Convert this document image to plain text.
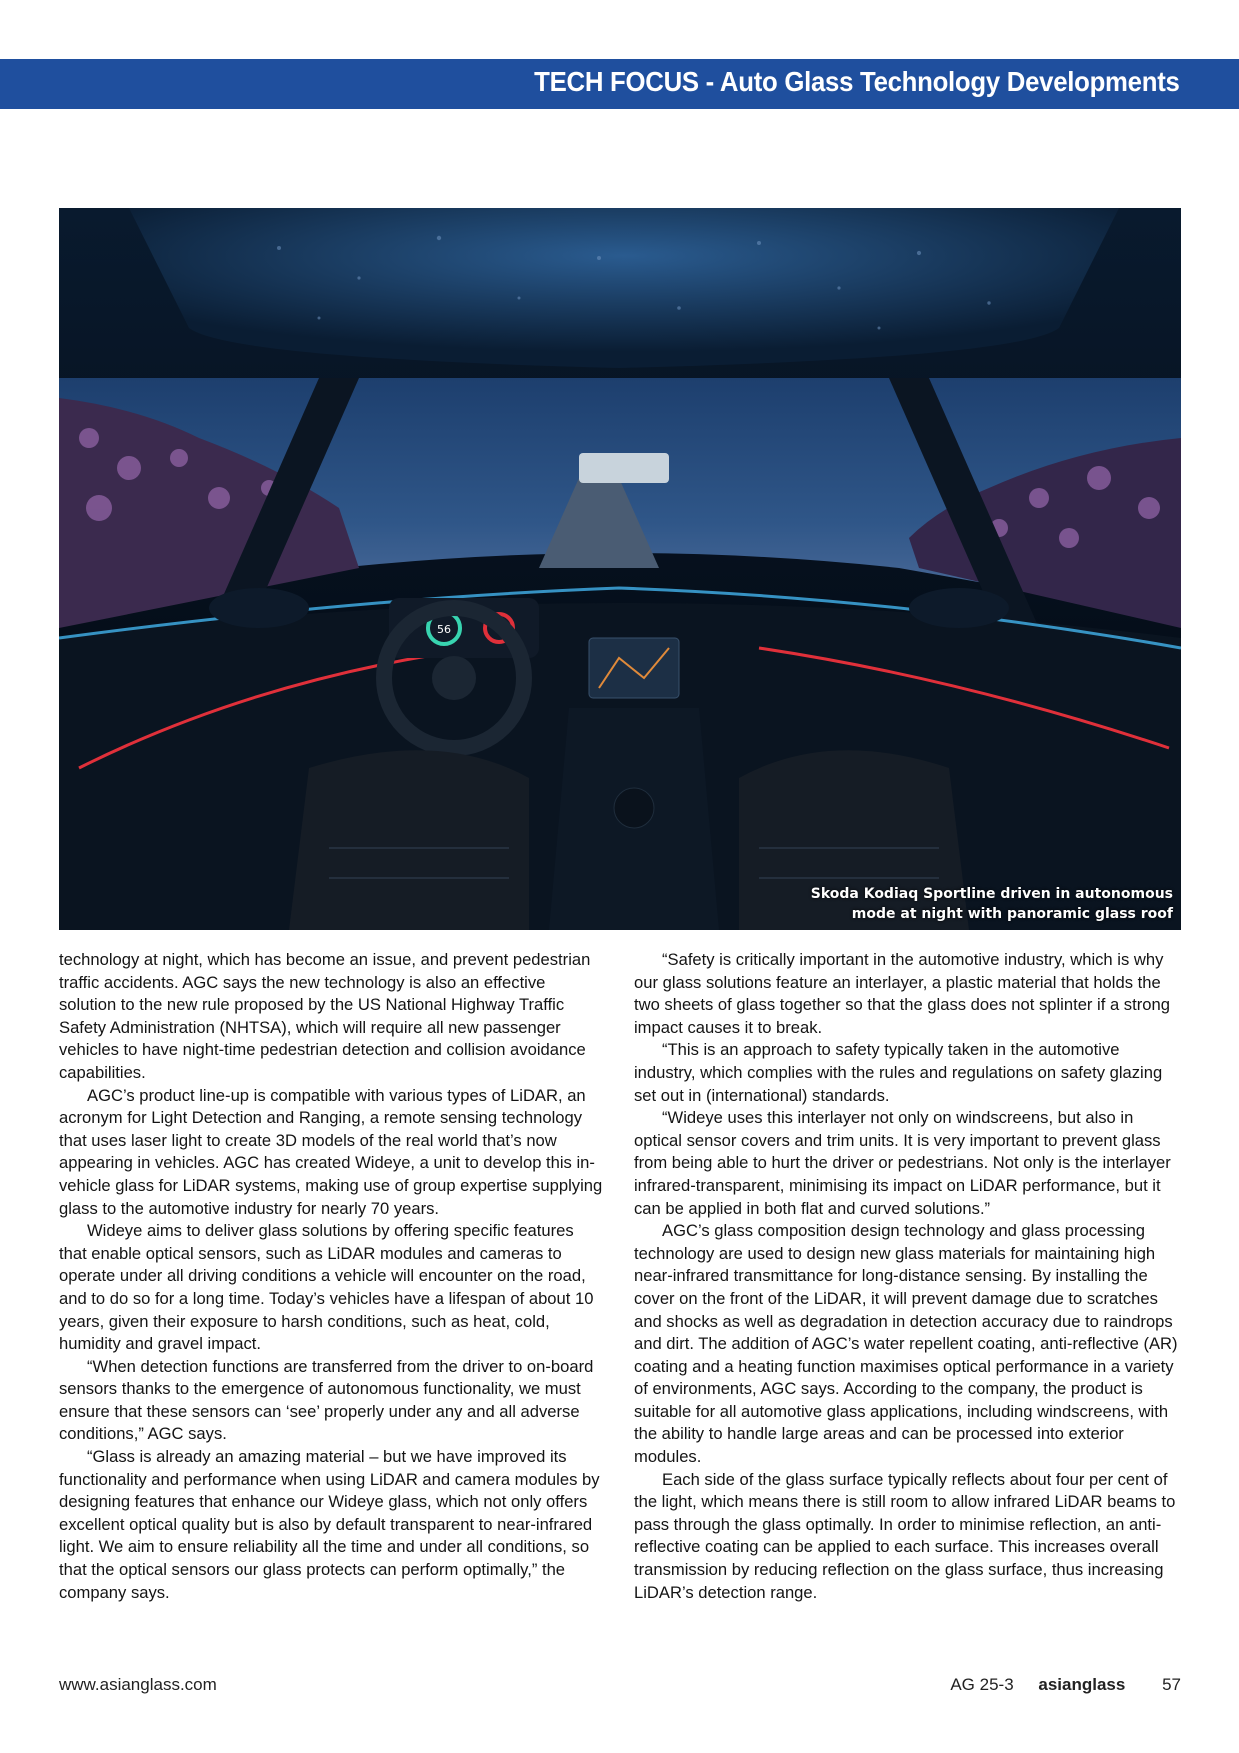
TECH FOCUS - Auto Glass Technology Developments
56
Skoda Kodiaq Sportline driven in autonomous
mode at night with panoramic glass roof

technology at night, which has become an issue, and prevent pedestrian traffic accidents. AGC says the new technology is also an effective solution to the new rule proposed by the US National Highway Traffic Safety Administration (NHTSA), which will require all new passenger vehicles to have night-time pedestrian detection and collision avoidance capabilities.

AGC’s product line-up is compatible with various types of LiDAR, an acronym for Light Detection and Ranging, a remote sensing technology that uses laser light to create 3D models of the real world that’s now appearing in vehicles. AGC has created Wideye, a unit to develop this in-vehicle glass for LiDAR systems, making use of group expertise supplying glass to the automotive industry for nearly 70 years.

Wideye aims to deliver glass solutions by offering specific features that enable optical sensors, such as LiDAR modules and cameras to operate under all driving conditions a vehicle will encounter on the road, and to do so for a long time. Today’s vehicles have a lifespan of about 10 years, given their exposure to harsh conditions, such as heat, cold, humidity and gravel impact.

“When detection functions are transferred from the driver to on-board sensors thanks to the emergence of autonomous functionality, we must ensure that these sensors can ‘see’ properly under any and all adverse conditions,” AGC says.

“Glass is already an amazing material – but we have improved its functionality and performance when using LiDAR and camera modules by designing features that enhance our Wideye glass, which not only offers excellent optical quality but is also by default transparent to near-infrared light. We aim to ensure reliability all the time and under all conditions, so that the optical sensors our glass protects can perform optimally,” the company says.

“Safety is critically important in the automotive industry, which is why our glass solutions feature an interlayer, a plastic material that holds the two sheets of glass together so that the glass does not splinter if a strong impact causes it to break.

“This is an approach to safety typically taken in the automotive industry, which complies with the rules and regulations on safety glazing set out in (international) standards.

“Wideye uses this interlayer not only on windscreens, but also in optical sensor covers and trim units. It is very important to prevent glass from being able to hurt the driver or pedestrians. Not only is the interlayer infrared-transparent, minimising its impact on LiDAR performance, but it can be applied in both flat and curved solutions.”

AGC’s glass composition design technology and glass processing technology are used to design new glass materials for maintaining high near-infrared transmittance for long-distance sensing. By installing the cover on the front of the LiDAR, it will prevent damage due to scratches and shocks as well as degradation in detection accuracy due to raindrops and dirt. The addition of AGC’s water repellent coating, anti-reflective (AR) coating and a heating function maximises optical performance in a variety of environments, AGC says. According to the company, the product is suitable for all automotive glass applications, including windscreens, with the ability to handle large areas and can be processed into exterior modules.

Each side of the glass surface typically reflects about four per cent of the light, which means there is still room to allow infrared LiDAR beams to pass through the glass optimally. In order to minimise reflection, an anti-reflective coating can be applied to each surface. This increases overall transmission by reducing reflection on the glass surface, thus increasing LiDAR’s detection range.

www.asianglass.com	AG 25-3 asianglass 57
